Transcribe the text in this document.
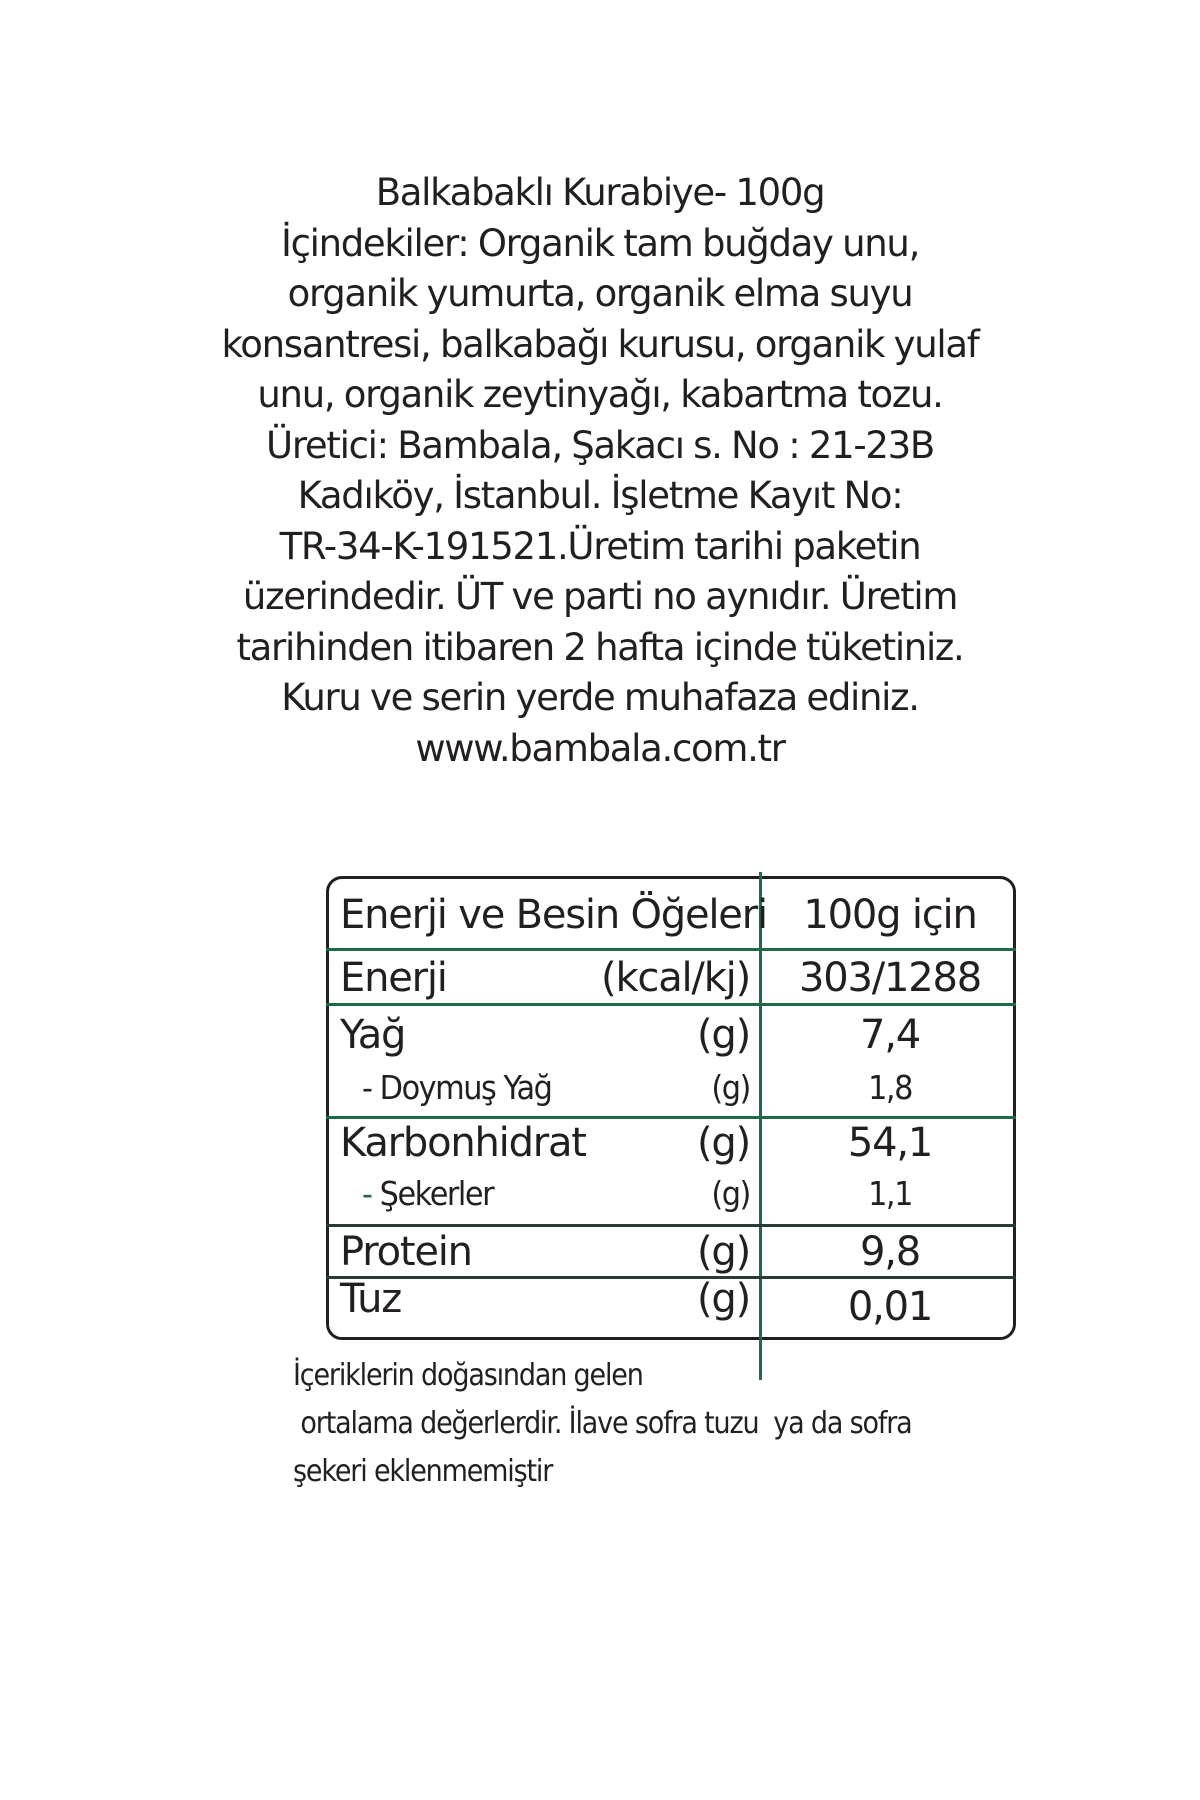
Balkabaklı Kurabiye- 100g
İçindekiler: Organik tam buğday unu,
organik yumurta, organik elma suyu
konsantresi, balkabağı kurusu, organik yulaf
unu, organik zeytinyağı, kabartma tozu.
Üretici: Bambala, Şakacı s. No : 21-23B
Kadıköy, İstanbul. İşletme Kayıt No:
TR-34-K-191521.Üretim tarihi paketin
üzerindedir. ÜT ve parti no aynıdır. Üretim
tarihinden itibaren 2 hafta içinde tüketiniz.
Kuru ve serin yerde muhafaza ediniz.
www.bambala.com.tr
Enerji ve Besin Öğeleri 100g için
Enerji	(kcal/kj)	303/1288
Yağ	(g)	7,4
- Doymuş Yağ	(g)	1,8
Karbonhidrat	(g)	54,1
- Şekerler	(g)	1,1
Protein	(g)	9,8
Tuz	(g)	0,01
İçeriklerin doğasından gelen
ortalama değerlerdir. İlave sofra tuzu  ya da sofra
şekeri eklenmemiştir
